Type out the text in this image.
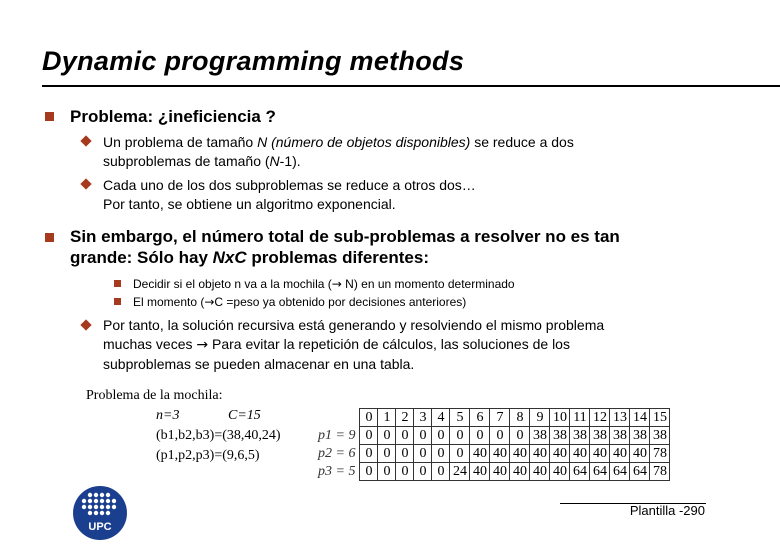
Dynamic programming methods
Problema: ¿ineficiencia ?
Un problema de tamaño N (número de objetos disponibles) se reduce a dos
subproblemas de tamaño (N-1).
Cada uno de los dos subproblemas se reduce a otros dos…
Por tanto, se obtiene un algoritmo exponencial.
Sin embargo, el número total de sub-problemas a resolver no es tan
grande: Sólo hay NxC problemas diferentes:
Decidir si el objeto n va a la mochila (→ N) en un momento determinado
El momento (→C =peso ya obtenido por decisiones anteriores)
Por tanto, la solución recursiva está generando y resolviendo el mismo problema
muchas veces → Para evitar la repetición de cálculos, las soluciones de los
subproblemas se pueden almacenar en una tabla.
Problema de la mochila:
n=3	C=15
(b1,b2,b3)=(38,40,24)
(p1,p2,p3)=(9,6,5)
	0	1	2	3	4	5	6	7	8	9	10	11	12	13	14	15
p1 = 9	0	0	0	0	0	0	0	0	0	38	38	38	38	38	38	38
p2 = 6	0	0	0	0	0	0	40	40	40	40	40	40	40	40	40	78
p3 = 5	0	0	0	0	0	24	40	40	40	40	40	64	64	64	64	78
UPC
Plantilla -290
